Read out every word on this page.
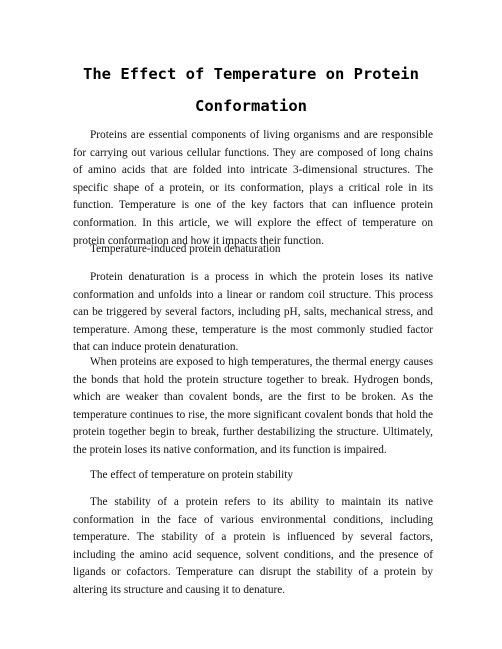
The Effect of Temperature on Protein
Conformation

Proteins are essential components of living organisms and are responsible for carrying out various cellular functions. They are composed of long chains of amino acids that are folded into intricate 3-dimensional structures. The specific shape of a protein, or its conformation, plays a critical role in its function. Temperature is one of the key factors that can influence protein conformation. In this article, we will explore the effect of temperature on protein conformation and how it impacts their function.

Temperature-induced protein denaturation

Protein denaturation is a process in which the protein loses its native conformation and unfolds into a linear or random coil structure. This process can be triggered by several factors, including pH, salts, mechanical stress, and temperature. Among these, temperature is the most commonly studied factor that can induce protein denaturation.

When proteins are exposed to high temperatures, the thermal energy causes the bonds that hold the protein structure together to break. Hydrogen bonds, which are weaker than covalent bonds, are the first to be broken. As the temperature continues to rise, the more significant covalent bonds that hold the protein together begin to break, further destabilizing the structure. Ultimately, the protein loses its native conformation, and its function is impaired.

The effect of temperature on protein stability

The stability of a protein refers to its ability to maintain its native conformation in the face of various environmental conditions, including temperature. The stability of a protein is influenced by several factors, including the amino acid sequence, solvent conditions, and the presence of ligands or cofactors. Temperature can disrupt the stability of a protein by altering its structure and causing it to denature.
